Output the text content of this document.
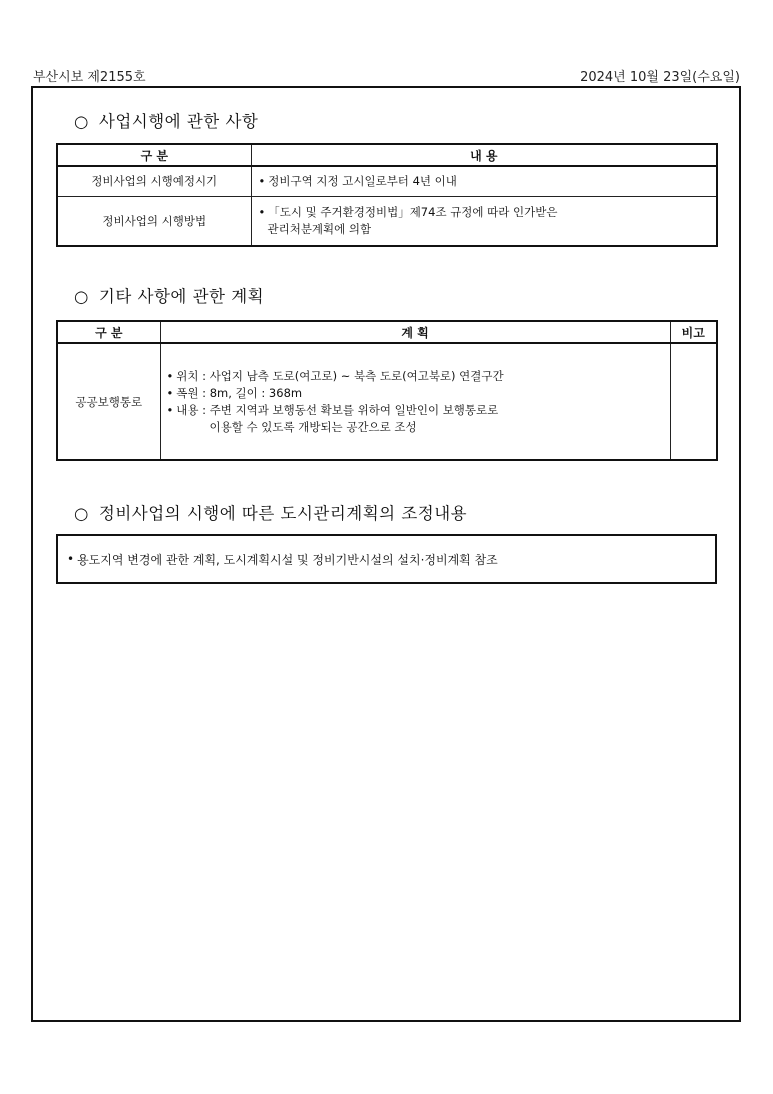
부산시보 제2155호	2024년 10월 23일(수요일)
○ 사업시행에 관한 사항
구 분	내 용
정비사업의 시행예정시기	• 정비구역 지정 고시일로부터 4년 이내
정비사업의 시행방법	• 「도시 및 주거환경정비법」제74조 규정에 따라 인가받은
관리처분계획에 의함
○ 기타 사항에 관한 계획
구 분	계 획	비고
공공보행통로	• 위치 : 사업지 남측 도로(여고로) ~ 북측 도로(여고북로) 연결구간
• 폭원 : 8m, 길이 : 368m
• 내용 : 주변 지역과 보행동선 확보를 위하여 일반인이 보행통로로
이용할 수 있도록 개방되는 공간으로 조성	

○ 정비사업의 시행에 따른 도시관리계획의 조정내용
• 용도지역 변경에 관한 계획, 도시계획시설 및 정비기반시설의 설치·정비계획 참조
